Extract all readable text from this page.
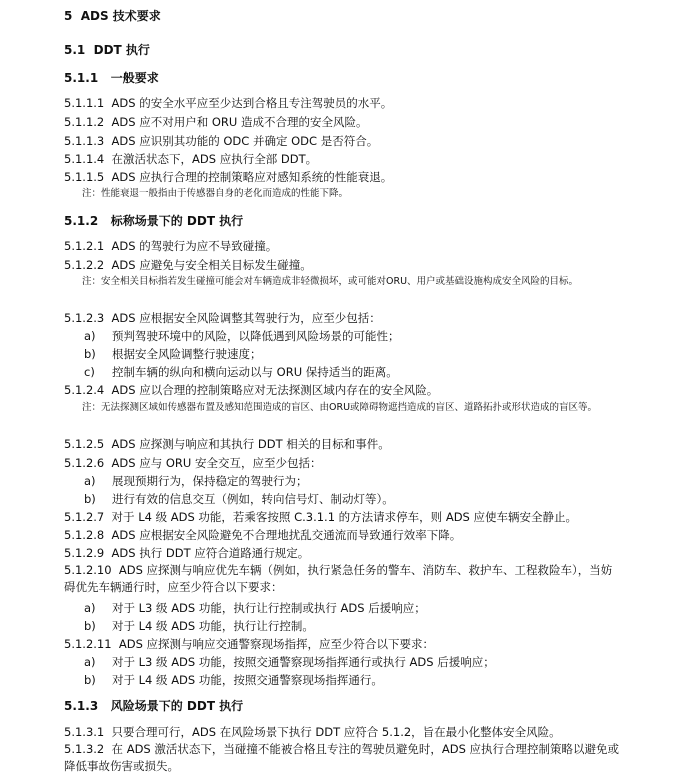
5 ADS 技术要求
5.1 DDT 执行
5.1.1 一般要求
5.1.1.1 ADS 的安全水平应至少达到合格且专注驾驶员的水平。
5.1.1.2 ADS 应不对用户和 ORU 造成不合理的安全风险。
5.1.1.3 ADS 应识别其功能的 ODC 并确定 ODC 是否符合。
5.1.1.4 在激活状态下，ADS 应执行全部 DDT。
5.1.1.5 ADS 应执行合理的控制策略应对感知系统的性能衰退。
注：性能衰退一般指由于传感器自身的老化而造成的性能下降。
5.1.2 标称场景下的 DDT 执行
5.1.2.1 ADS 的驾驶行为应不导致碰撞。
5.1.2.2 ADS 应避免与安全相关目标发生碰撞。
注：安全相关目标指若发生碰撞可能会对车辆造成非轻微损坏，或可能对ORU、用户或基础设施构成安全风险的目标。
5.1.2.3 ADS 应根据安全风险调整其驾驶行为，应至少包括：
a) 预判驾驶环境中的风险，以降低遇到风险场景的可能性；
b) 根据安全风险调整行驶速度；
c) 控制车辆的纵向和横向运动以与 ORU 保持适当的距离。
5.1.2.4 ADS 应以合理的控制策略应对无法探测区域内存在的安全风险。
注：无法探测区域如传感器布置及感知范围造成的盲区、由ORU或障碍物遮挡造成的盲区、道路拓扑或形状造成的盲区等。
5.1.2.5 ADS 应探测与响应和其执行 DDT 相关的目标和事件。
5.1.2.6 ADS 应与 ORU 安全交互，应至少包括：
a) 展现预期行为，保持稳定的驾驶行为；
b) 进行有效的信息交互（例如，转向信号灯、制动灯等）。
5.1.2.7 对于 L4 级 ADS 功能，若乘客按照 C.3.1.1 的方法请求停车，则 ADS 应使车辆安全静止。
5.1.2.8 ADS 应根据安全风险避免不合理地扰乱交通流而导致通行效率下降。
5.1.2.9 ADS 执行 DDT 应符合道路通行规定。
5.1.2.10 ADS 应探测与响应优先车辆（例如，执行紧急任务的警车、消防车、救护车、工程救险车），当妨碍优先车辆通行时，应至少符合以下要求：
a) 对于 L3 级 ADS 功能，执行让行控制或执行 ADS 后援响应；
b) 对于 L4 级 ADS 功能，执行让行控制。
5.1.2.11 ADS 应探测与响应交通警察现场指挥，应至少符合以下要求：
a) 对于 L3 级 ADS 功能，按照交通警察现场指挥通行或执行 ADS 后援响应；
b) 对于 L4 级 ADS 功能，按照交通警察现场指挥通行。
5.1.3 风险场景下的 DDT 执行
5.1.3.1 只要合理可行，ADS 在风险场景下执行 DDT 应符合 5.1.2，旨在最小化整体安全风险。
5.1.3.2 在 ADS 激活状态下，当碰撞不能被合格且专注的驾驶员避免时，ADS 应执行合理控制策略以避免或降低事故伤害或损失。
